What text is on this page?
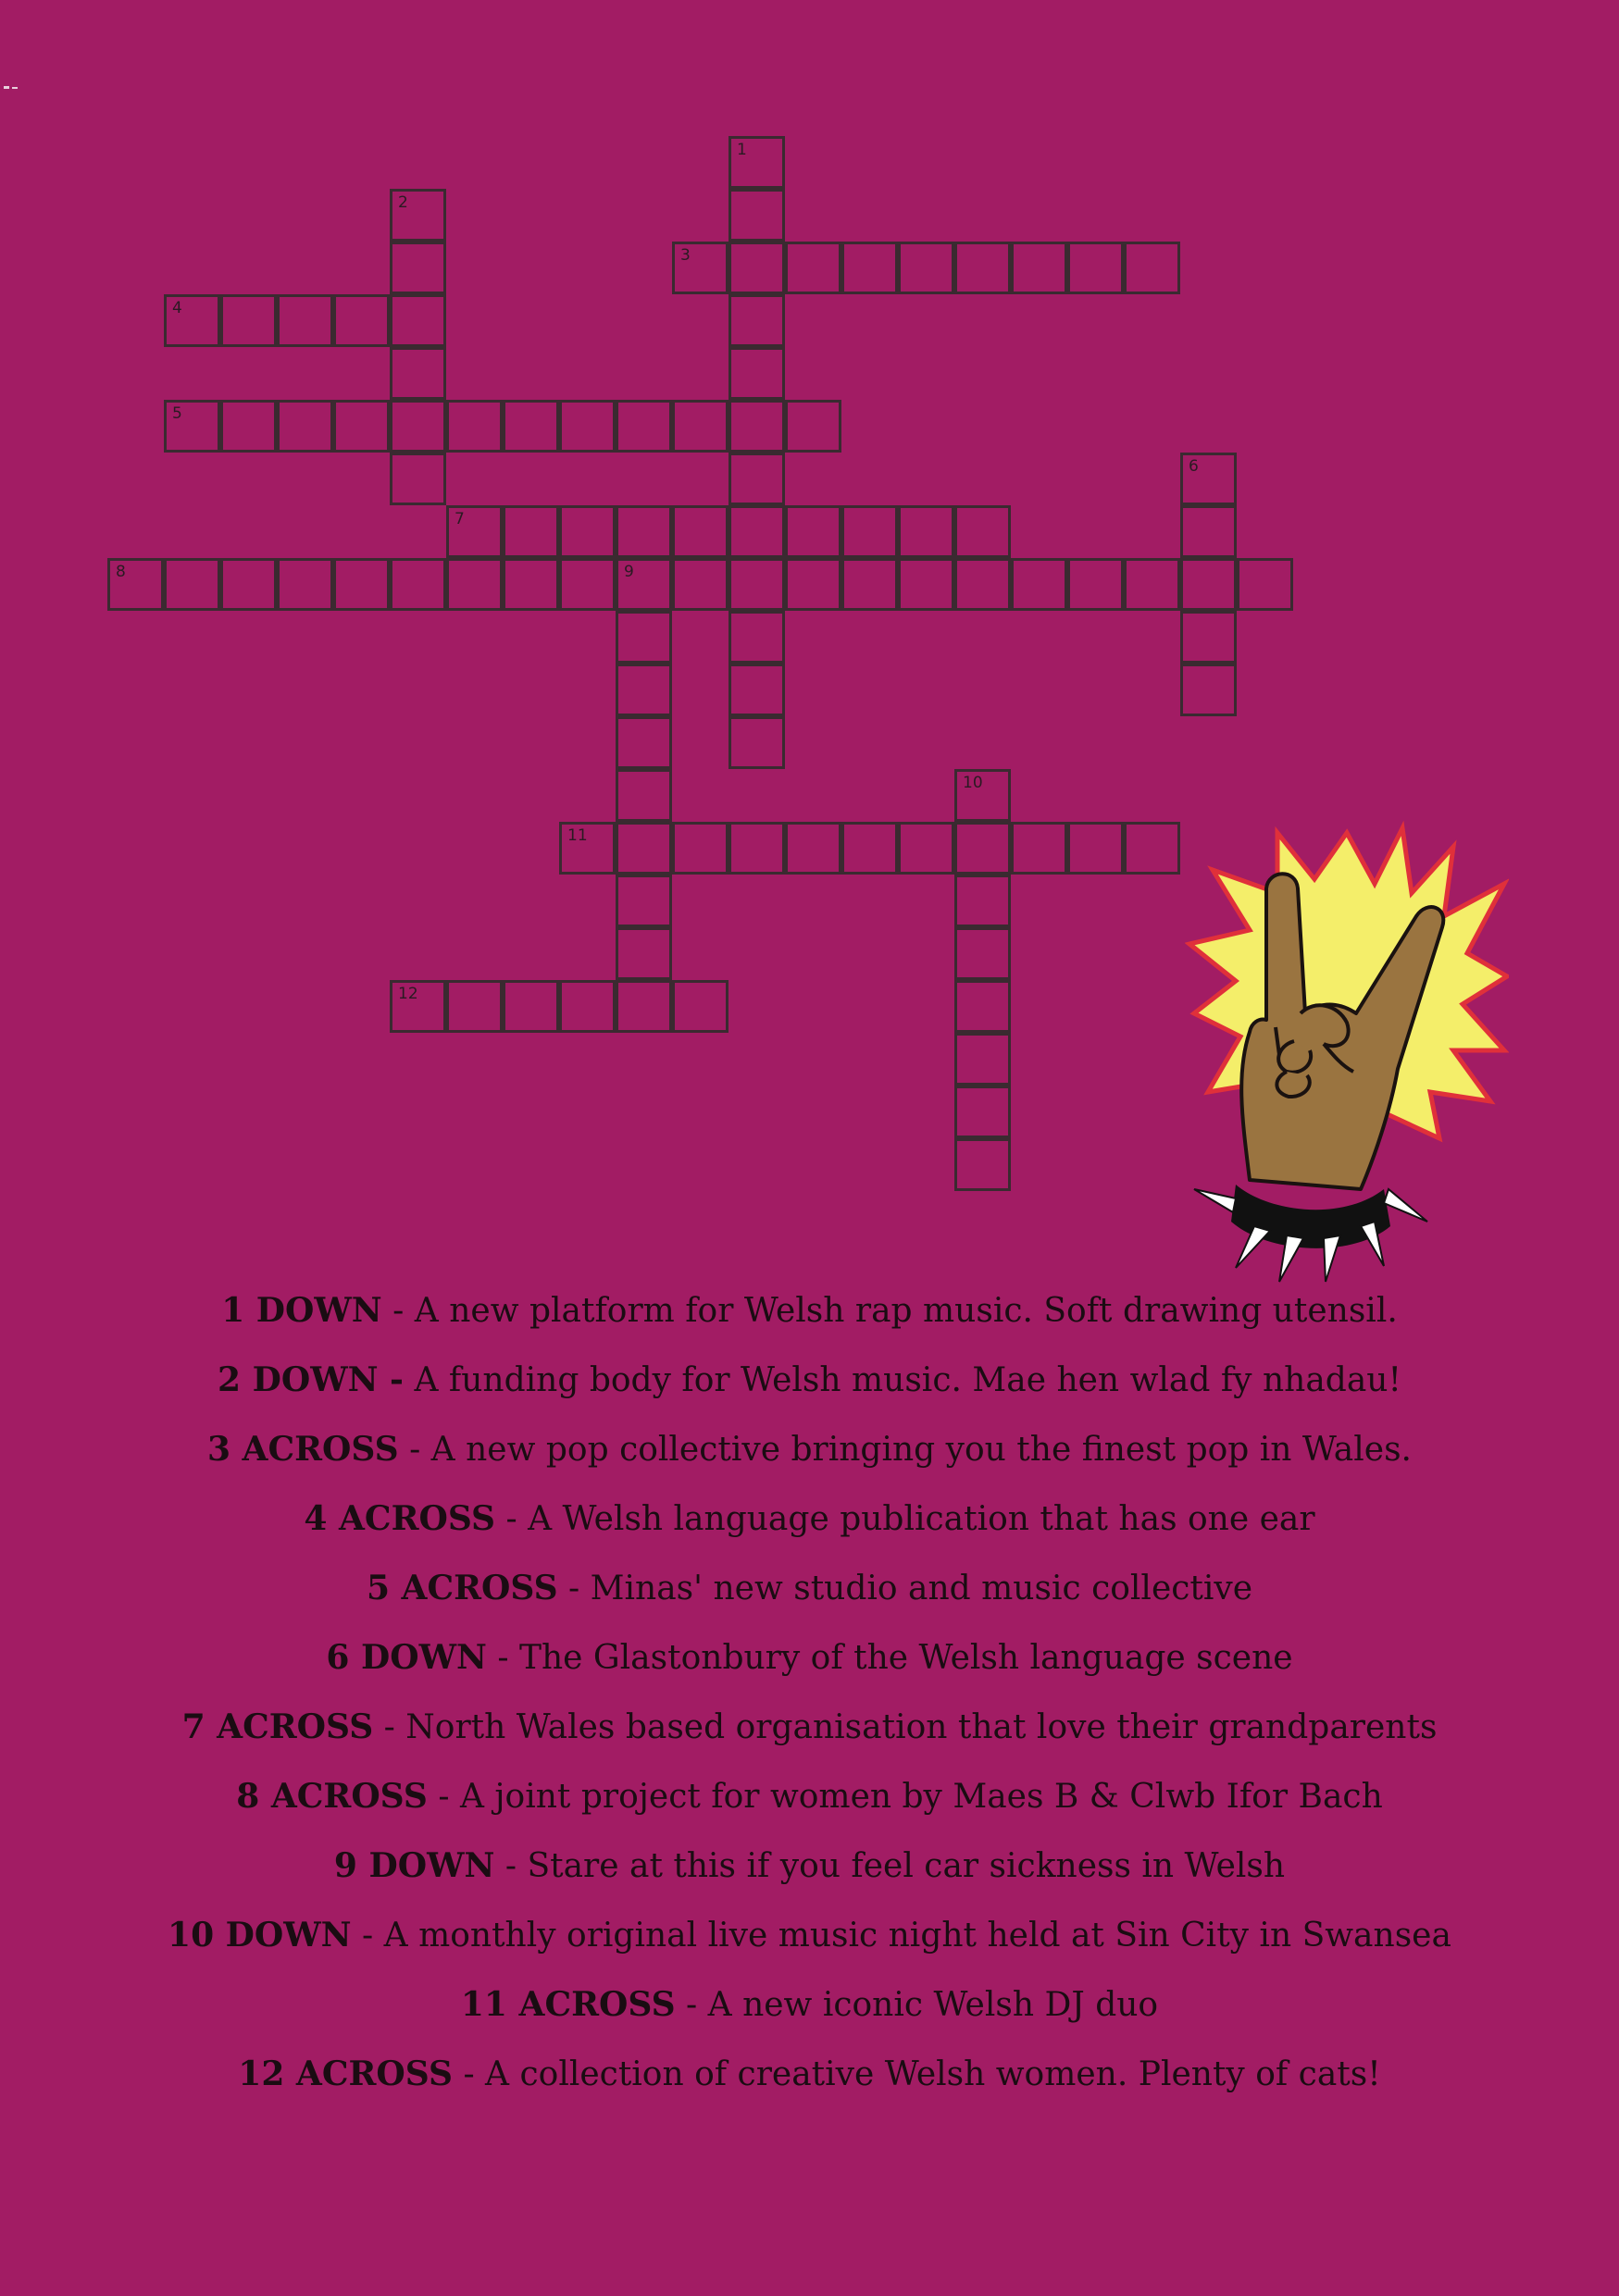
1
2
3
4
5
6
7
8	9
10
11
12
1 DOWN - A new platform for Welsh rap music. Soft drawing utensil.
2 DOWN - A funding body for Welsh music. Mae hen wlad fy nhadau!
3 ACROSS - A new pop collective bringing you the finest pop in Wales.
4 ACROSS - A Welsh language publication that has one ear
5 ACROSS - Minas' new studio and music collective
6 DOWN - The Glastonbury of the Welsh language scene
7 ACROSS - North Wales based organisation that love their grandparents
8 ACROSS - A joint project for women by Maes B & Clwb Ifor Bach
9 DOWN - Stare at this if you feel car sickness in Welsh
10 DOWN - A monthly original live music night held at Sin City in Swansea
11 ACROSS - A new iconic Welsh DJ duo
12 ACROSS - A collection of creative Welsh women. Plenty of cats!
